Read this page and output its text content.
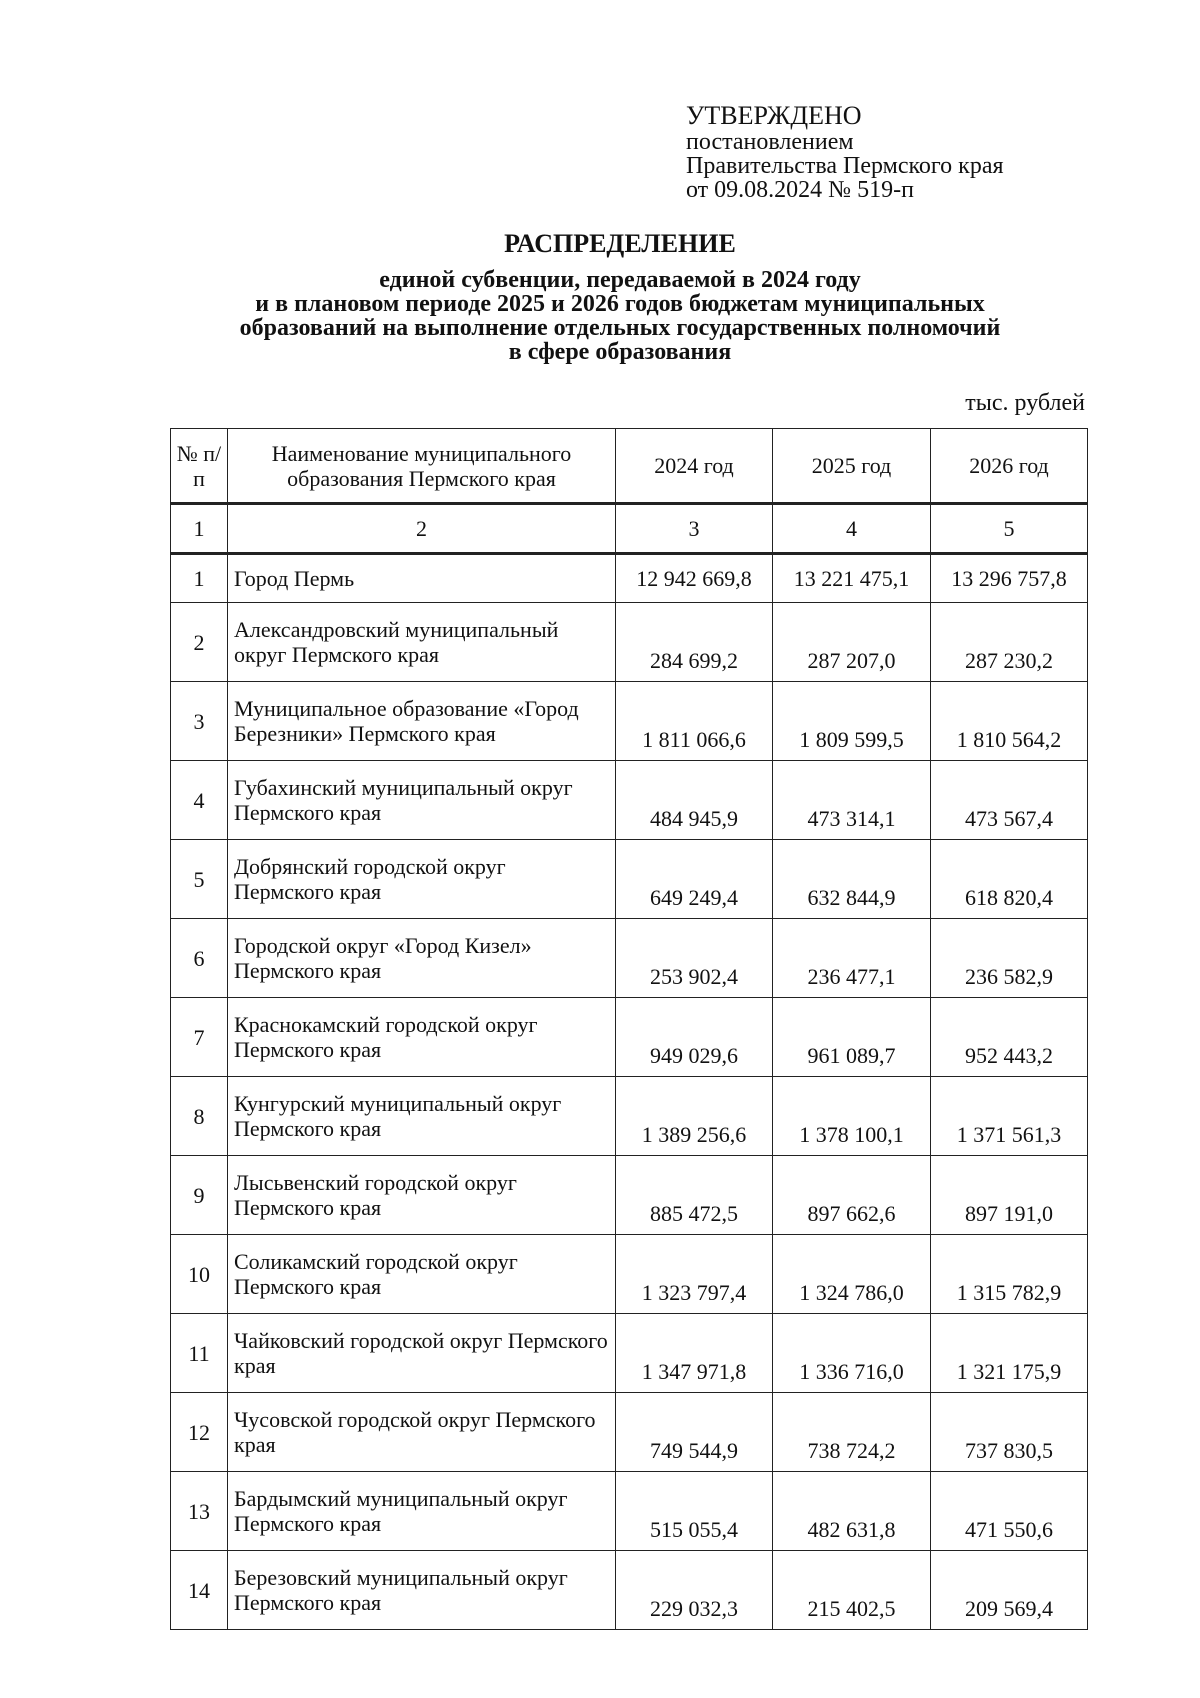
УТВЕРЖДЕНО
постановлением
Правительства Пермского края
от 09.08.2024 № 519-п
РАСПРЕДЕЛЕНИЕ
единой субвенции, передаваемой в 2024 году
и в плановом периоде 2025 и 2026 годов бюджетам муниципальных
образований на выполнение отдельных государственных полномочий
в сфере образования
тыс. рублей
№ п/п	Наименование муниципального образования Пермского края	2024 год	2025 год	2026 год
1	2	3	4	5
1	Город Пермь	12 942 669,8	13 221 475,1	13 296 757,8
2	Александровский муниципальный округ Пермского края	284 699,2	287 207,0	287 230,2
3	Муниципальное образование «Город Березники» Пермского края	1 811 066,6	1 809 599,5	1 810 564,2
4	Губахинский муниципальный округ Пермского края	484 945,9	473 314,1	473 567,4
5	Добрянский городской округ Пермского края	649 249,4	632 844,9	618 820,4
6	Городской округ «Город Кизел» Пермского края	253 902,4	236 477,1	236 582,9
7	Краснокамский городской округ Пермского края	949 029,6	961 089,7	952 443,2
8	Кунгурский муниципальный округ Пермского края	1 389 256,6	1 378 100,1	1 371 561,3
9	Лысьвенский городской округ Пермского края	885 472,5	897 662,6	897 191,0
10	Соликамский городской округ Пермского края	1 323 797,4	1 324 786,0	1 315 782,9
11	Чайковский городской округ Пермского края	1 347 971,8	1 336 716,0	1 321 175,9
12	Чусовской городской округ Пермского края	749 544,9	738 724,2	737 830,5
13	Бардымский муниципальный округ Пермского края	515 055,4	482 631,8	471 550,6
14	Березовский муниципальный округ Пермского края	229 032,3	215 402,5	209 569,4
